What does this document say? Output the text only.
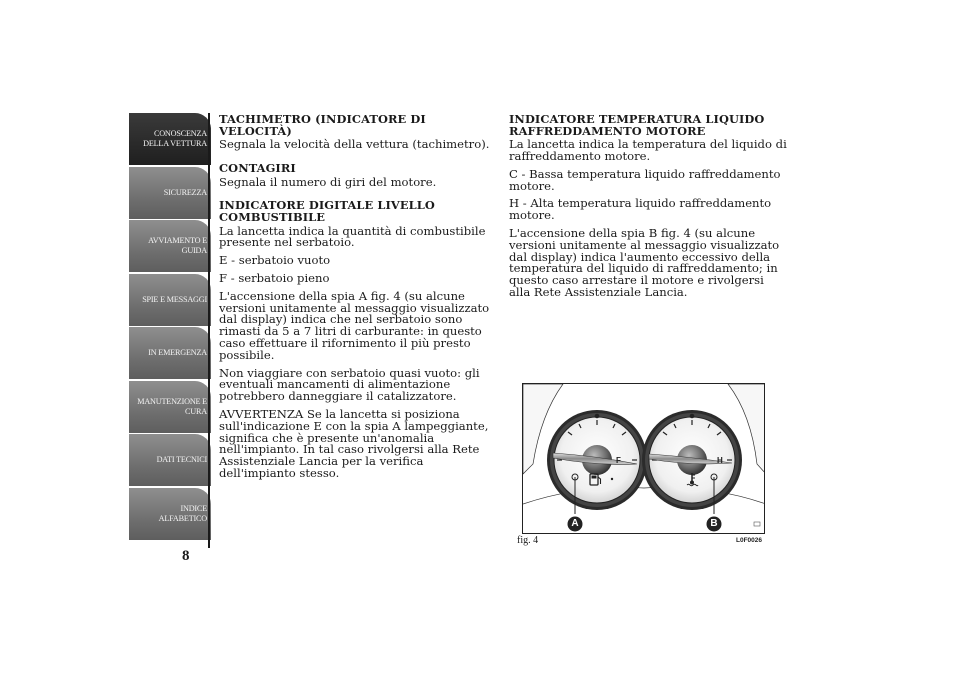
CONOSCENZA
DELLA VETTURA
SICUREZZA
AVVIAMENTO E
GUIDA
SPIE E MESSAGGI
IN EMERGENZA
MANUTENZIONE E
CURA
DATI TECNICI
INDICE
ALFABETICO
8
TACHIMETRO (INDICATORE DI VELOCITÀ)
Segnala la velocità della vettura (tachimetro).
CONTAGIRI
Segnala il numero di giri del motore.
INDICATORE DIGITALE LIVELLO COMBUSTIBILE
La lancetta indica la quantità di combustibile presente nel serbatoio.
E - serbatoio vuoto
F - serbatoio pieno
L'accensione della spia A fig. 4 (su alcune versioni unitamente al messaggio visualizzato dal display) indica che nel serbatoio sono rimasti da 5 a 7 litri di carburante: in questo caso effettuare il rifornimento il più presto possibile.
Non viaggiare con serbatoio quasi vuoto: gli eventuali mancamenti di alimentazione potrebbero danneggiare il catalizzatore.
AVVERTENZA Se la lancetta si posiziona sull'indicazione E con la spia A lampeggiante, significa che è presente un'anomalia nell'impianto. In tal caso rivolgersi alla Rete Assistenziale Lancia per la verifica dell'impianto stesso.
INDICATORE TEMPERATURA LIQUIDO RAFFREDDAMENTO MOTORE
La lancetta indica la temperatura del liquido di raffreddamento motore.
C - Bassa temperatura liquido raffreddamento motore.
H - Alta temperatura liquido raffreddamento motore.
L'accensione della spia B fig. 4 (su alcune versioni unitamente al messaggio visualizzato dal display) indica l'aumento eccessivo della temperatura del liquido di raffreddamento; in questo caso arrestare il motore e rivolgersi alla Rete Assistenziale Lancia.
F	H
A	B
fig. 4	L0F0026
